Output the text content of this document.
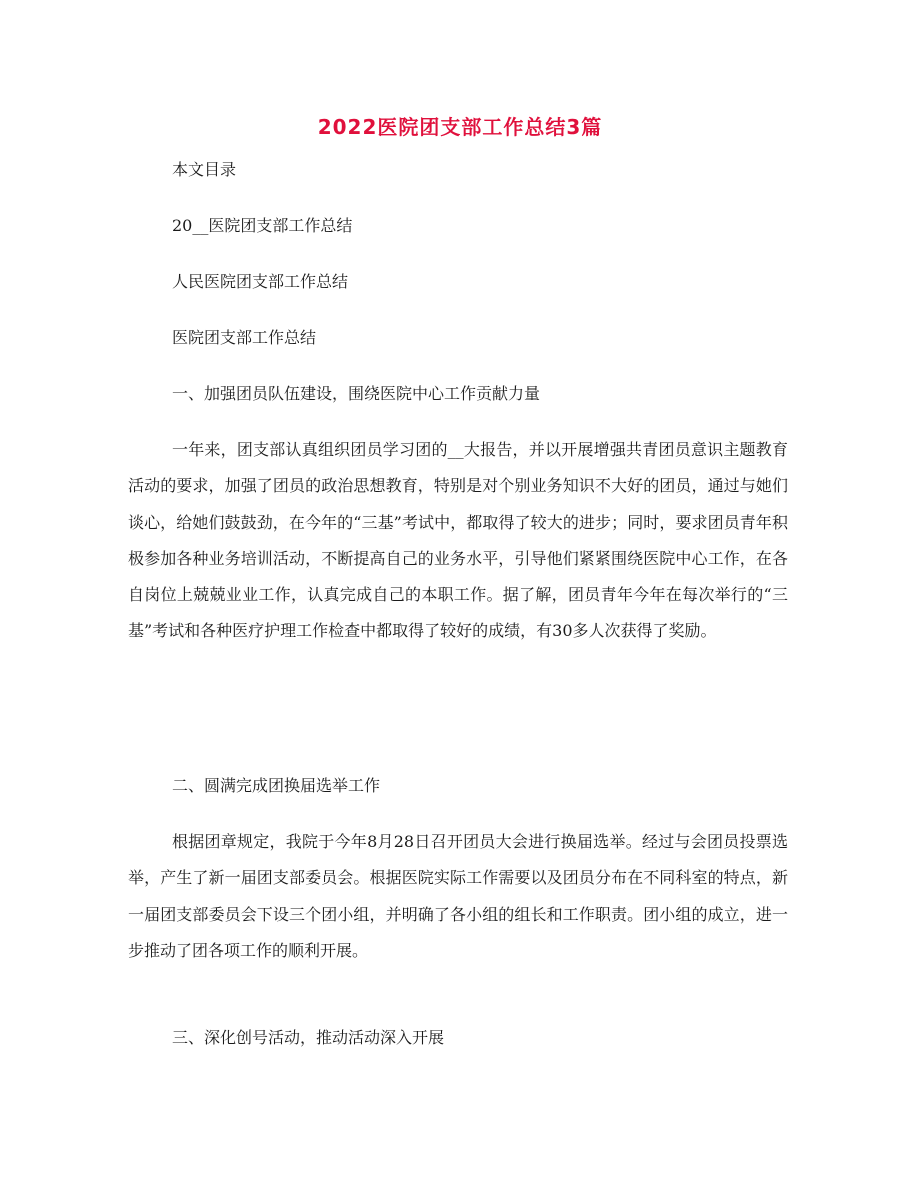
2022医院团支部工作总结3篇
本文目录
20__医院团支部工作总结
人民医院团支部工作总结
医院团支部工作总结
一、加强团员队伍建设，围绕医院中心工作贡献力量

一年来，团支部认真组织团员学习团的__大报告，并以开展增强共青团员意识主题教育活动的要求，加强了团员的政治思想教育，特别是对个别业务知识不大好的团员，通过与她们谈心，给她们鼓鼓劲，在今年的“三基”考试中，都取得了较大的进步；同时，要求团员青年积极参加各种业务培训活动，不断提高自己的业务水平，引导他们紧紧围绕医院中心工作，在各自岗位上兢兢业业工作，认真完成自己的本职工作。据了解，团员青年今年在每次举行的“三基”考试和各种医疗护理工作检查中都取得了较好的成绩，有30多人次获得了奖励。

二、圆满完成团换届选举工作

根据团章规定，我院于今年8月28日召开团员大会进行换届选举。经过与会团员投票选举，产生了新一届团支部委员会。根据医院实际工作需要以及团员分布在不同科室的特点，新一届团支部委员会下设三个团小组，并明确了各小组的组长和工作职责。团小组的成立，进一步推动了团各项工作的顺利开展。

三、深化创号活动，推动活动深入开展
